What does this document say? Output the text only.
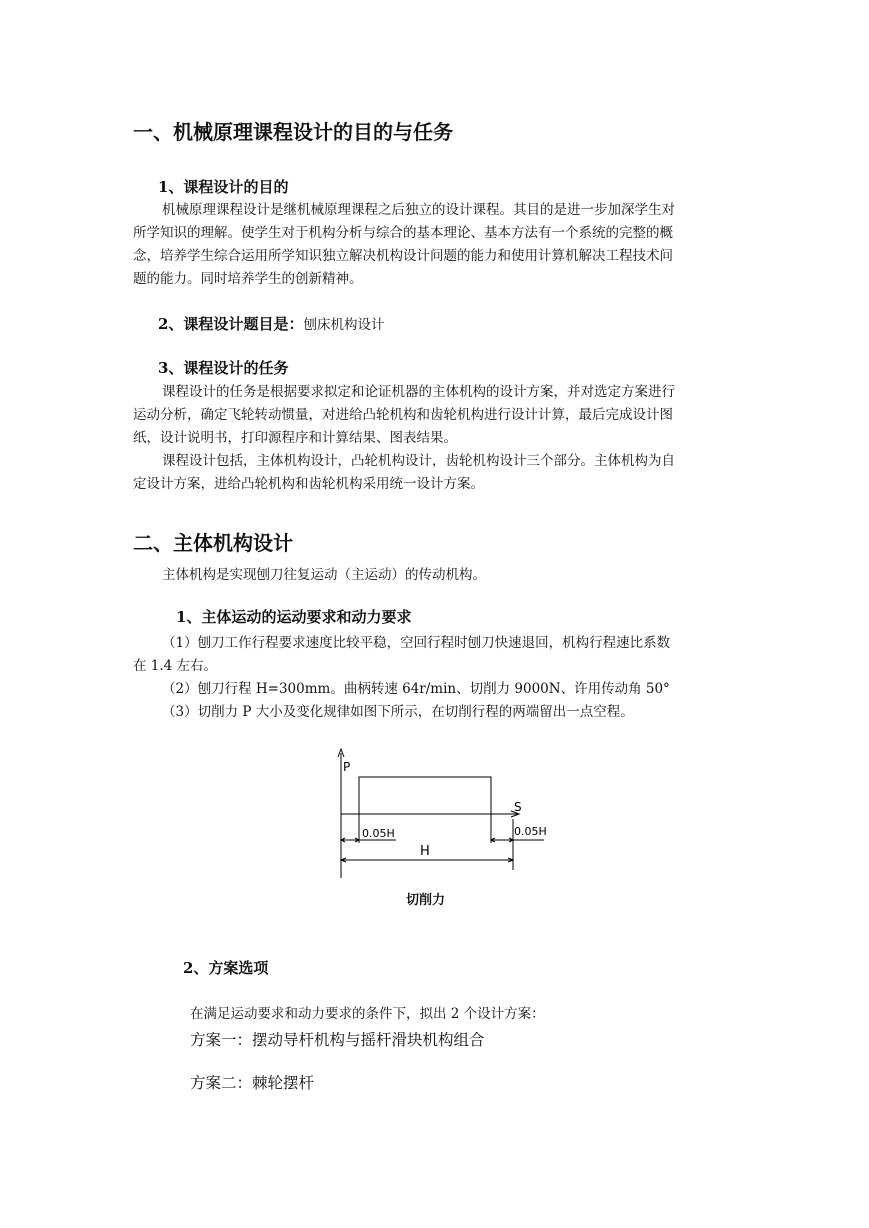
一、机械原理课程设计的目的与任务
1、课程设计的目的
机械原理课程设计是继机械原理课程之后独立的设计课程。其目的是进一步加深学生对
所学知识的理解。使学生对于机构分析与综合的基本理论、基本方法有一个系统的完整的概
念，培养学生综合运用所学知识独立解决机构设计问题的能力和使用计算机解决工程技术问
题的能力。同时培养学生的创新精神。
2、课程设计题目是：刨床机构设计
3、课程设计的任务
课程设计的任务是根据要求拟定和论证机器的主体机构的设计方案，并对选定方案进行
运动分析，确定飞轮转动惯量，对进给凸轮机构和齿轮机构进行设计计算，最后完成设计图
纸，设计说明书，打印源程序和计算结果、图表结果。
课程设计包括，主体机构设计，凸轮机构设计，齿轮机构设计三个部分。主体机构为自
定设计方案，进给凸轮机构和齿轮机构采用统一设计方案。
二、主体机构设计
主体机构是实现刨刀往复运动（主运动）的传动机构。
1、主体运动的运动要求和动力要求
（1）刨刀工作行程要求速度比较平稳，空回行程时刨刀快速退回，机构行程速比系数
在 1.4 左右。
（2）刨刀行程 H=300mm。曲柄转速 64r/min、切削力 9000N、许用传动角 50°
（3）切削力 P 大小及变化规律如图下所示，在切削行程的两端留出一点空程。
P
S
0.05H	0.05H
H
切削力
2、方案选项
在满足运动要求和动力要求的条件下，拟出 2 个设计方案：
方案一：摆动导杆机构与摇杆滑块机构组合
方案二：棘轮摆杆
